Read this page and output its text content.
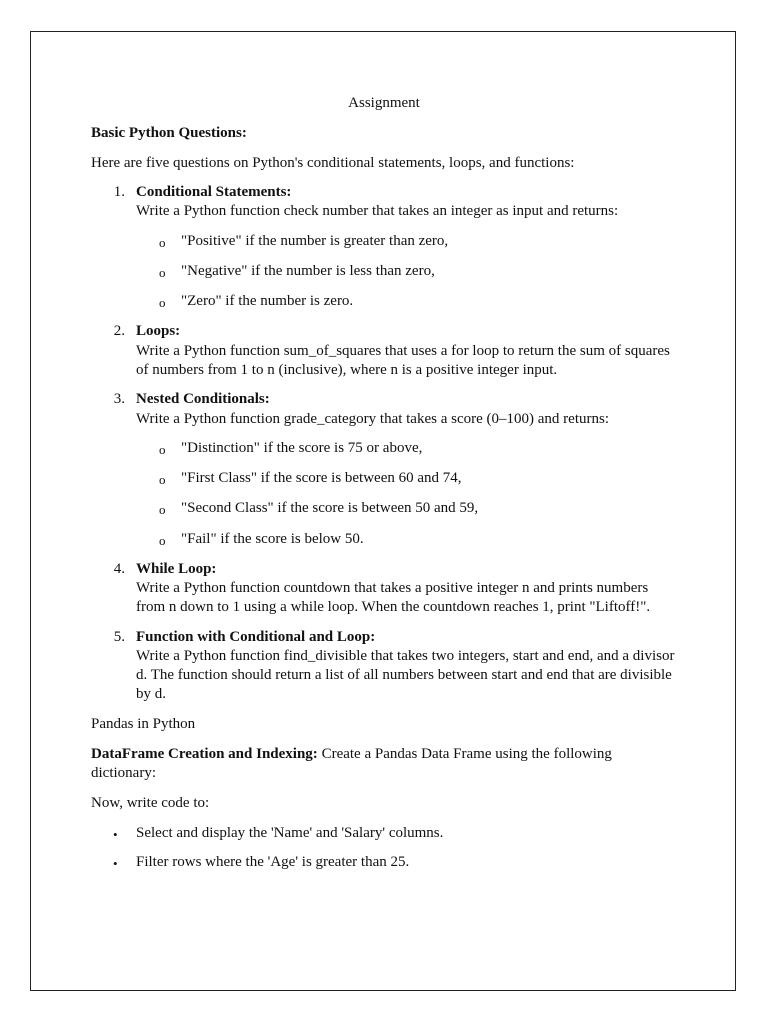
Assignment
Basic Python Questions:
Here are five questions on Python's conditional statements, loops, and functions:
1. Conditional Statements:
Write a Python function check number that takes an integer as input and returns:
o "Positive" if the number is greater than zero,
o "Negative" if the number is less than zero,
o "Zero" if the number is zero.
2. Loops:
Write a Python function sum_of_squares that uses a for loop to return the sum of squares
of numbers from 1 to n (inclusive), where n is a positive integer input.
3. Nested Conditionals:
Write a Python function grade_category that takes a score (0–100) and returns:
o "Distinction" if the score is 75 or above,
o "First Class" if the score is between 60 and 74,
o "Second Class" if the score is between 50 and 59,
o "Fail" if the score is below 50.
4. While Loop:
Write a Python function countdown that takes a positive integer n and prints numbers
from n down to 1 using a while loop. When the countdown reaches 1, print "Liftoff!".
5. Function with Conditional and Loop:
Write a Python function find_divisible that takes two integers, start and end, and a divisor
d. The function should return a list of all numbers between start and end that are divisible
by d.
Pandas in Python
DataFrame Creation and Indexing: Create a Pandas Data Frame using the following
dictionary:
Now, write code to:
• Select and display the 'Name' and 'Salary' columns.
• Filter rows where the 'Age' is greater than 25.
